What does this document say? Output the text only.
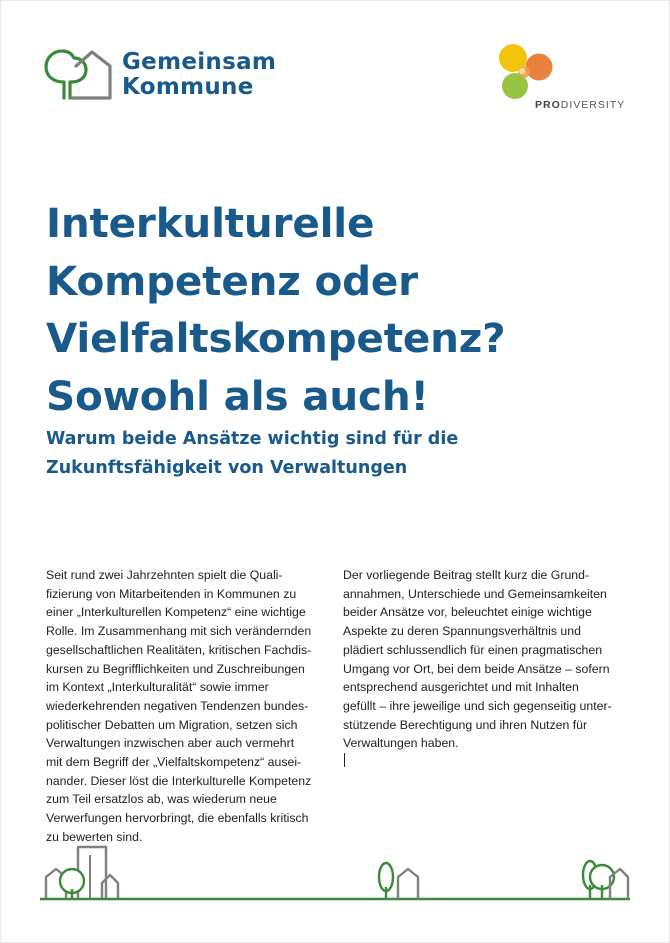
Gemeinsam
Kommune
PRODIVERSITY
Interkulturelle
Kompetenz oder
Vielfaltskompetenz?
Sowohl als auch!
Warum beide Ansätze wichtig sind für die
Zukunftsfähigkeit von Verwaltungen
Seit rund zwei Jahrzehnten spielt die Quali-
fizierung von Mitarbeitenden in Kommunen zu
einer „Interkulturellen Kompetenz“ eine wichtige
Rolle. Im Zusammenhang mit sich verändernden
gesellschaftlichen Realitäten, kritischen Fachdis-
kursen zu Begrifflichkeiten und Zuschreibungen
im Kontext „Interkulturalität“ sowie immer
wiederkehrenden negativen Tendenzen bundes-
politischer Debatten um Migration, setzen sich
Verwaltungen inzwischen aber auch vermehrt
mit dem Begriff der „Vielfaltskompetenz“ ausei-
nander. Dieser löst die Interkulturelle Kompetenz
zum Teil ersatzlos ab, was wiederum neue
Verwerfungen hervorbringt, die ebenfalls kritisch
zu bewerten sind.
Der vorliegende Beitrag stellt kurz die Grund-
annahmen, Unterschiede und Gemeinsamkeiten
beider Ansätze vor, beleuchtet einige wichtige
Aspekte zu deren Spannungsverhältnis und
plädiert schlussendlich für einen pragmatischen
Umgang vor Ort, bei dem beide Ansätze – sofern
entsprechend ausgerichtet und mit Inhalten
gefüllt – ihre jeweilige und sich gegenseitig unter-
stützende Berechtigung und ihren Nutzen für
Verwaltungen haben.
